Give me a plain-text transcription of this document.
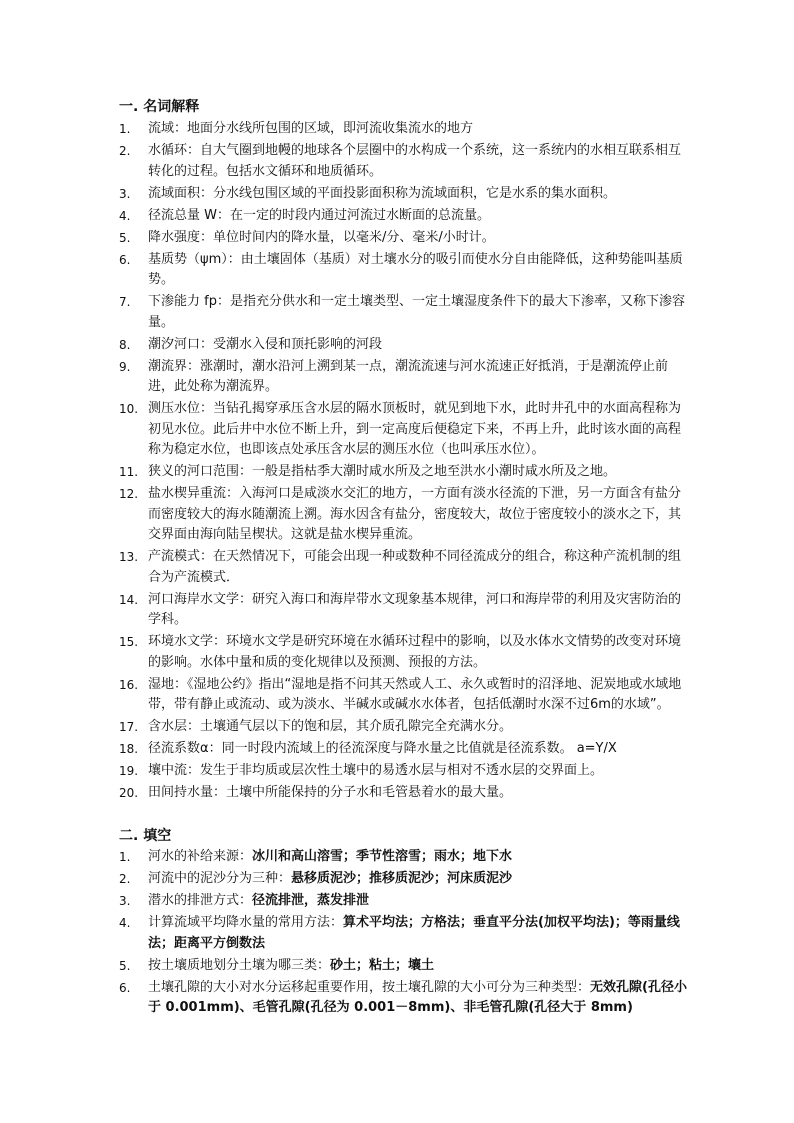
一. 名词解释
1.	流域：地面分水线所包围的区域，即河流收集流水的地方
2.	水循环：自大气圈到地幔的地球各个层圈中的水构成一个系统，这一系统内的水相互联系相互转化的过程。包括水文循环和地质循环。
3.	流域面积：分水线包围区域的平面投影面积称为流域面积，它是水系的集水面积。
4.	径流总量 W：在一定的时段内通过河流过水断面的总流量。
5.	降水强度：单位时间内的降水量，以毫米/分、毫米/小时计。
6.	基质势（ψm）：由土壤固体（基质）对土壤水分的吸引而使水分自由能降低，这种势能叫基质势。
7.	下渗能力 fp：是指充分供水和一定土壤类型、一定土壤湿度条件下的最大下渗率，又称下渗容量。
8.	潮汐河口：受潮水入侵和顶托影响的河段
9.	潮流界：涨潮时，潮水沿河上溯到某一点，潮流流速与河水流速正好抵消，于是潮流停止前进，此处称为潮流界。
10. 测压水位：当钻孔揭穿承压含水层的隔水顶板时，就见到地下水，此时井孔中的水面高程称为初见水位。此后井中水位不断上升，到一定高度后便稳定下来，不再上升，此时该水面的高程称为稳定水位，也即该点处承压含水层的测压水位（也叫承压水位）。
11. 狭义的河口范围：一般是指枯季大潮时咸水所及之地至洪水小潮时咸水所及之地。
12. 盐水楔异重流：入海河口是咸淡水交汇的地方，一方面有淡水径流的下泄，另一方面含有盐分而密度较大的海水随潮流上溯。海水因含有盐分，密度较大，故位于密度较小的淡水之下，其交界面由海向陆呈楔状。这就是盐水楔异重流。
13. 产流模式：在天然情况下，可能会出现一种或数种不同径流成分的组合，称这种产流机制的组合为产流模式．
14. 河口海岸水文学：研究入海口和海岸带水文现象基本规律，河口和海岸带的利用及灾害防治的学科。
15. 环境水文学：环境水文学是研究环境在水循环过程中的影响，以及水体水文情势的改变对环境的影响。水体中量和质的变化规律以及预测、预报的方法。
16. 湿地：《湿地公约》指出“湿地是指不问其天然或人工、永久或暂时的沼泽地、泥炭地或水域地带，带有静止或流动、或为淡水、半碱水或碱水水体者，包括低潮时水深不过6m的水域”。
17. 含水层：土壤通气层以下的饱和层，其介质孔隙完全充满水分。
18. 径流系数α：同一时段内流域上的径流深度与降水量之比值就是径流系数。 a=Y/X
19. 壤中流：发生于非均质或层次性土壤中的易透水层与相对不透水层的交界面上。
20. 田间持水量：土壤中所能保持的分子水和毛管悬着水的最大量。
二. 填空
1.	河水的补给来源：冰川和高山溶雪；季节性溶雪；雨水；地下水
2.	河流中的泥沙分为三种：悬移质泥沙；推移质泥沙；河床质泥沙
3.	潜水的排泄方式：径流排泄，蒸发排泄
4.	计算流域平均降水量的常用方法：算术平均法；方格法；垂直平分法(加权平均法)；等雨量线法；距离平方倒数法
5.	按土壤质地划分土壤为哪三类：砂土；粘土；壤土
6.	土壤孔隙的大小对水分运移起重要作用，按土壤孔隙的大小可分为三种类型：无效孔隙(孔径小于 0.001mm)、毛管孔隙(孔径为 0.001－8mm)、非毛管孔隙(孔径大于 8mm)
